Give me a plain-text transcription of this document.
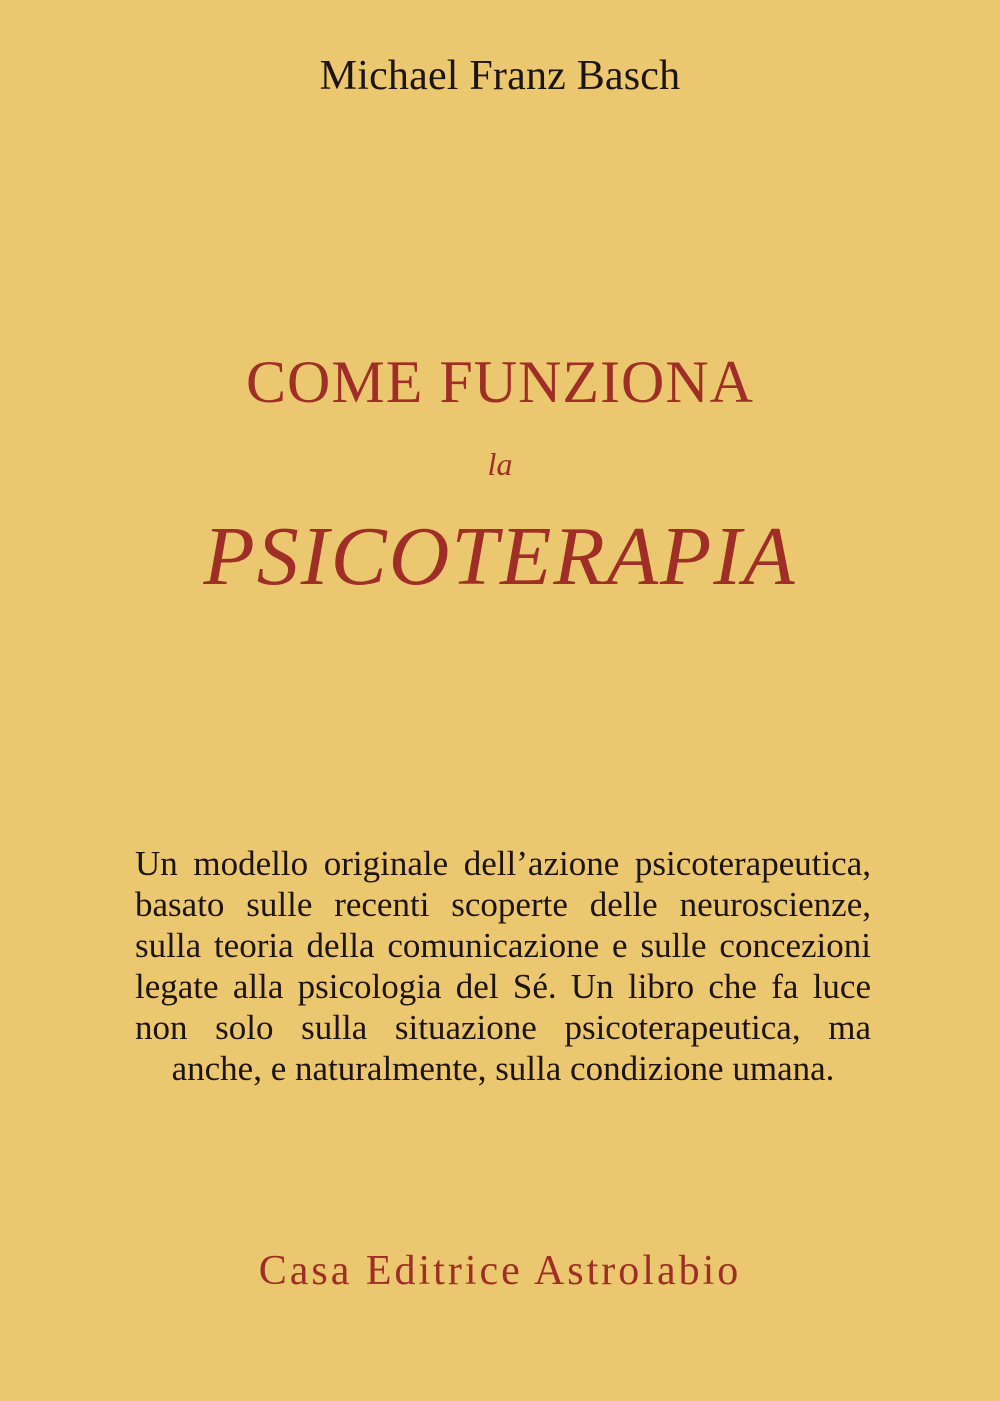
Michael Franz Basch
COME FUNZIONA
la
PSICOTERAPIA
Un modello originale dell’azione psicoterapeutica,
basato sulle recenti scoperte delle neuroscienze,
sulla teoria della comunicazione e sulle concezioni
legate alla psicologia del Sé. Un libro che fa luce
non solo sulla situazione psicoterapeutica, ma
anche, e naturalmente, sulla condizione umana.
Casa Editrice Astrolabio
